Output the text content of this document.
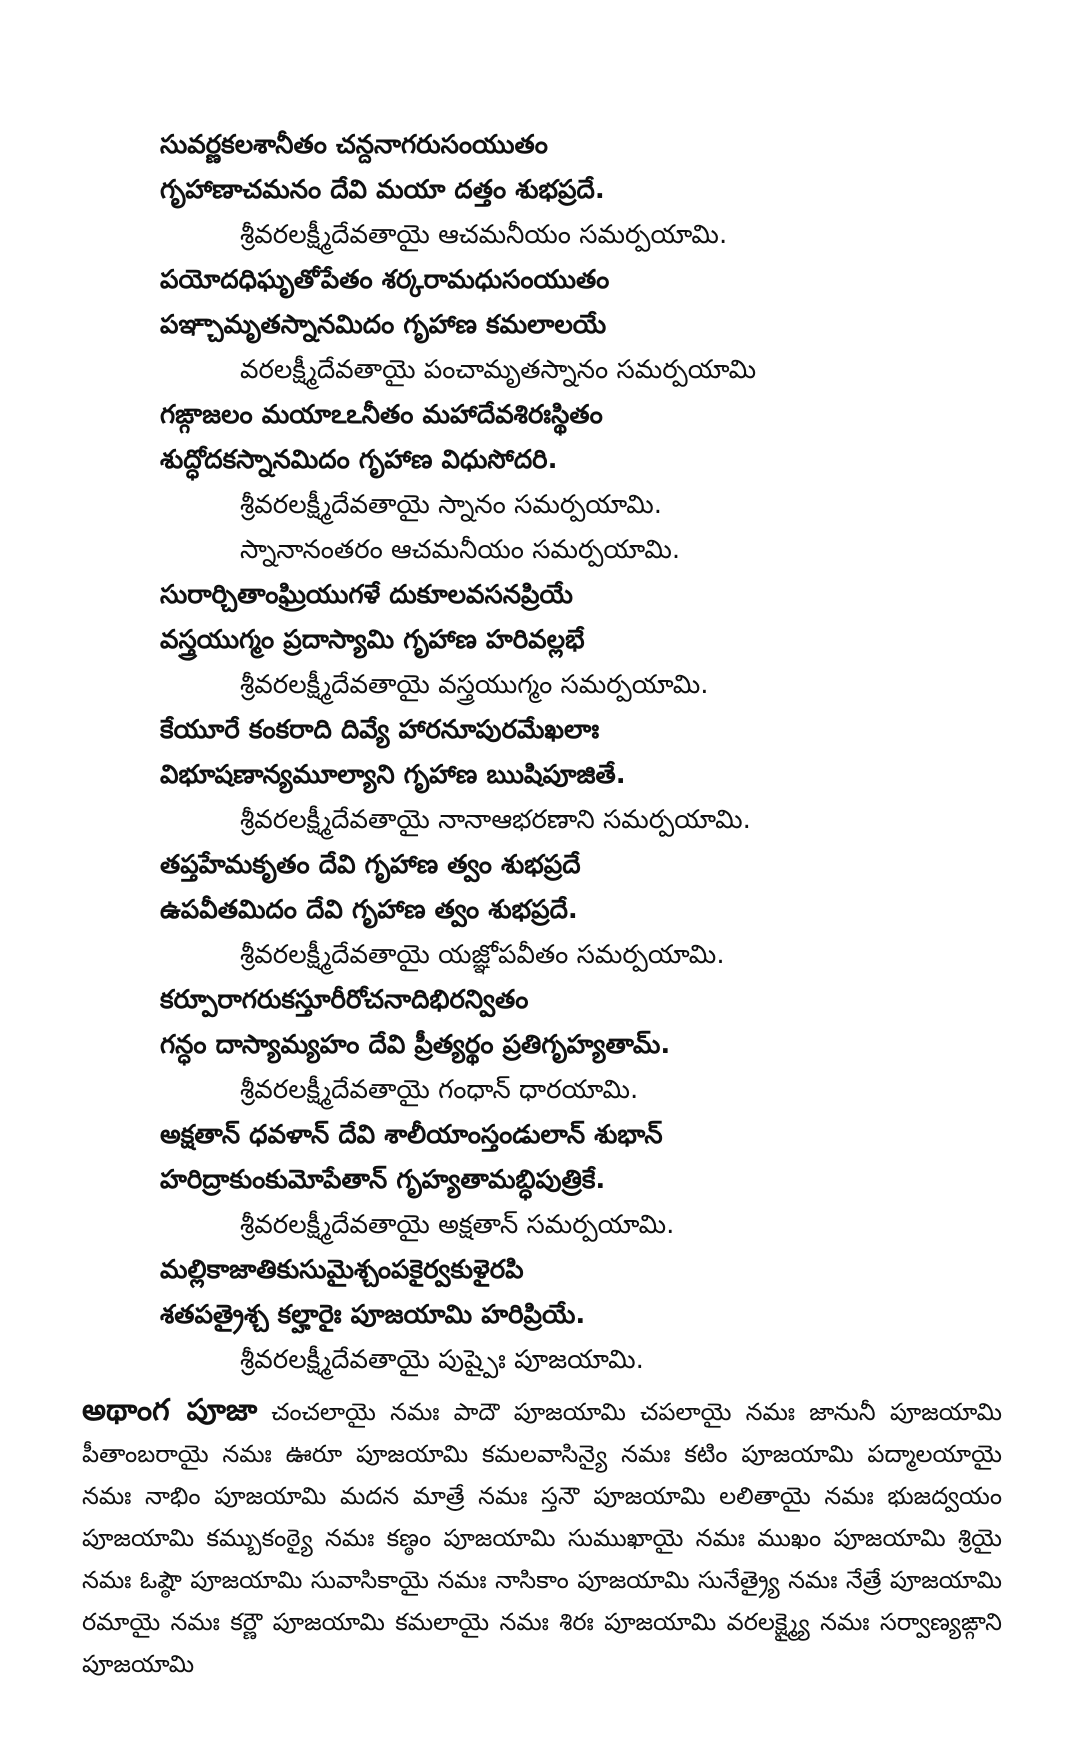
సువర్ణకలశానీతం చన్దనాగరుసంయుతం
గృహాణాచమనం దేవి మయా దత్తం శుభప్రదే.
శ్రీవరలక్ష్మీదేవతాయై ఆచమనీయం సమర్పయామి.
పయోదధిఘృతోపేతం శర్కరామధుసంయుతం
పఞ్చామృతస్నానమిదం గృహాణ కమలాలయే
వరలక్ష్మీదేవతాయై పంచామృతస్నానం సమర్పయామి
గఙ్గాజలం మయాఽఽనీతం మహాదేవశిరఃస్థితం
శుద్ధోదకస్నానమిదం గృహాణ విధుసోదరి.
శ్రీవరలక్ష్మీదేవతాయై స్నానం సమర్పయామి.
స్నానానంతరం ఆచమనీయం సమర్పయామి.
సురార్చితాంఘ్రియుగళే దుకూలవసనప్రియే
వస్త్రయుగ్మం ప్రదాస్యామి గృహాణ హరివల్లభే
శ్రీవరలక్ష్మీదేవతాయై వస్త్రయుగ్మం సమర్పయామి.
కేయూరే కంకరాది దివ్యే హారనూపురమేఖలాః
విభూషణాన్యమూల్యాని గృహాణ ఋషిపూజితే.
శ్రీవరలక్ష్మీదేవతాయై నానాఆభరణాని సమర్పయామి.
తప్తహేమకృతం దేవి గృహాణ త్వం శుభప్రదే
ఉపవీతమిదం దేవి గృహాణ త్వం శుభప్రదే.
శ్రీవరలక్ష్మీదేవతాయై యజ్ఞోపవీతం సమర్పయామి.
కర్పూరాగరుకస్తూరీరోచనాదిభిరన్వితం
గన్ధం దాస్యామ్యహం దేవి ప్రీత్యర్థం ప్రతిగృహ్యతామ్.
శ్రీవరలక్ష్మీదేవతాయై గంధాన్ ధారయామి.
అక్షతాన్ ధవళాన్ దేవి శాలీయాంస్తండులాన్ శుభాన్
హరిద్రాకుంకుమోపేతాన్ గృహ్యతామబ్ధిపుత్రికే.
శ్రీవరలక్ష్మీదేవతాయై అక్షతాన్ సమర్పయామి.
మల్లికాజాతికుసుమైశ్చంపకైర్వకుళైరపి
శతపత్రైశ్చ కల్హారైః పూజయామి హరిప్రియే.
శ్రీవరలక్ష్మీదేవతాయై పుష్పైః పూజయామి.
అథాంగ పూజా చంచలాయై నమః పాదౌ పూజయామి చపలాయై నమః జానునీ పూజయామి పీతాంబరాయై నమః ఊరూ పూజయామి కమలవాసిన్యై నమః కటిం పూజయామి పద్మాలయాయై నమః నాభిం పూజయామి మదన మాత్రే నమః స్తనౌ పూజయామి లలితాయై నమః భుజద్వయం పూజయామి కమ్బుకంఠ్యై నమః కణ్ఠం పూజయామి సుముఖాయై నమః ముఖం పూజయామి శ్రియై నమః ఓష్ఠౌ పూజయామి సువాసికాయై నమః నాసికాం పూజయామి సునేత్ర్యై నమః నేత్రే పూజయామి రమాయై నమః కర్ణౌ పూజయామి కమలాయై నమః శిరః పూజయామి వరలక్ష్మ్యై నమః సర్వాణ్యఙ్గాని పూజయామి
